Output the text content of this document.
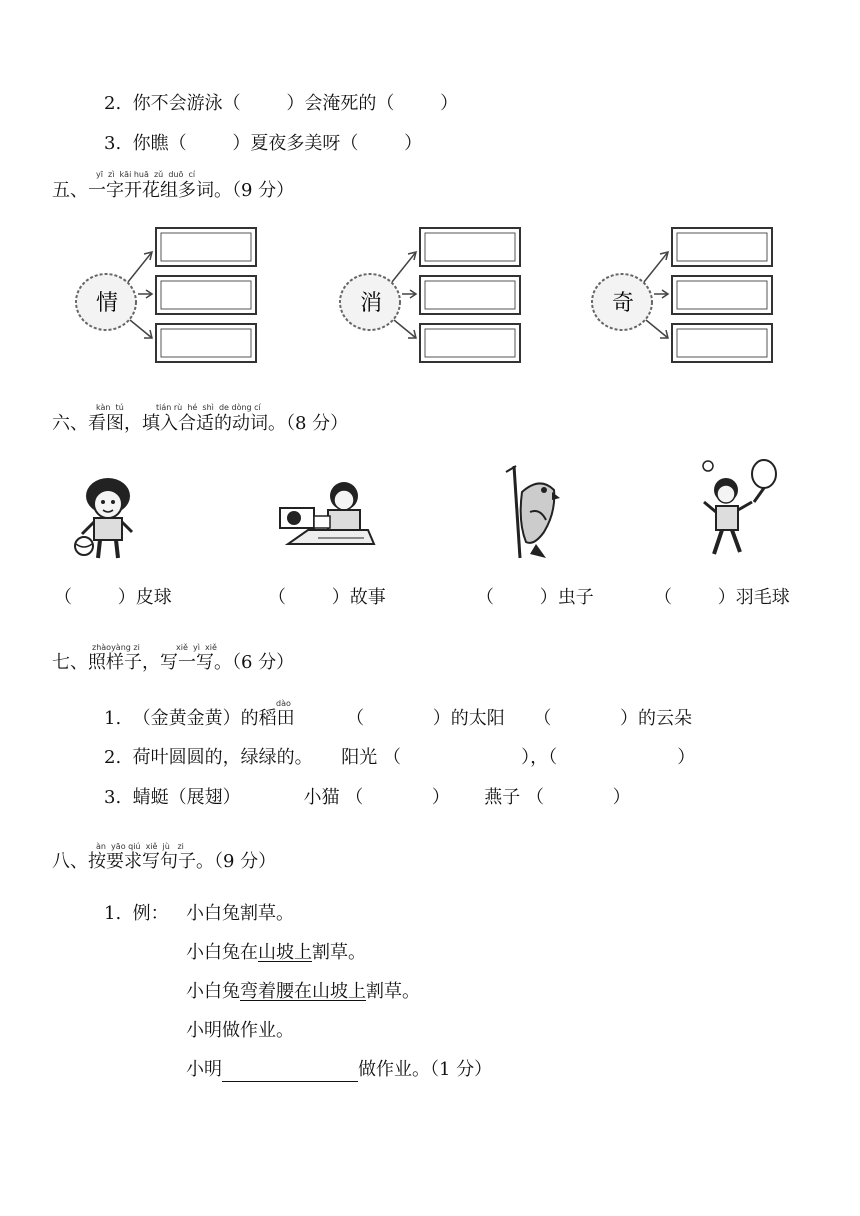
2.  你不会游泳（        ）会淹死的（        ）
3.  你瞧（        ）夏夜多美呀（        ）
yī  zì  kāi huā  zǔ  duō  cí
五、一字开花组多词。（9 分）
情	消	奇
kàn  tú	tián rù  hé  shì  de dòng cí
六、看图，填入合适的动词。（8 分）
（        ）皮球	（        ）故事	（        ）虫子	（        ）羽毛球
zhàoyàng zi	xiě  yì  xiě
七、照样子，写一写。（6 分）
dào
1.  （金黄金黄）的稻田         （            ）的太阳     （            ）的云朵
2.  荷叶圆圆的，绿绿的。     阳光 （                     ），（                     ）
3.  蜻蜓（展翅）           小猫 （            ）      燕子 （            ）
àn  yāo qiú  xiě  jù   zi
八、按要求写句子。（9 分）
1.  例： 小白兔割草。
小白兔在山坡上割草。
小白兔弯着腰在山坡上割草。
小明做作业。
小明	做作业。（1 分）
